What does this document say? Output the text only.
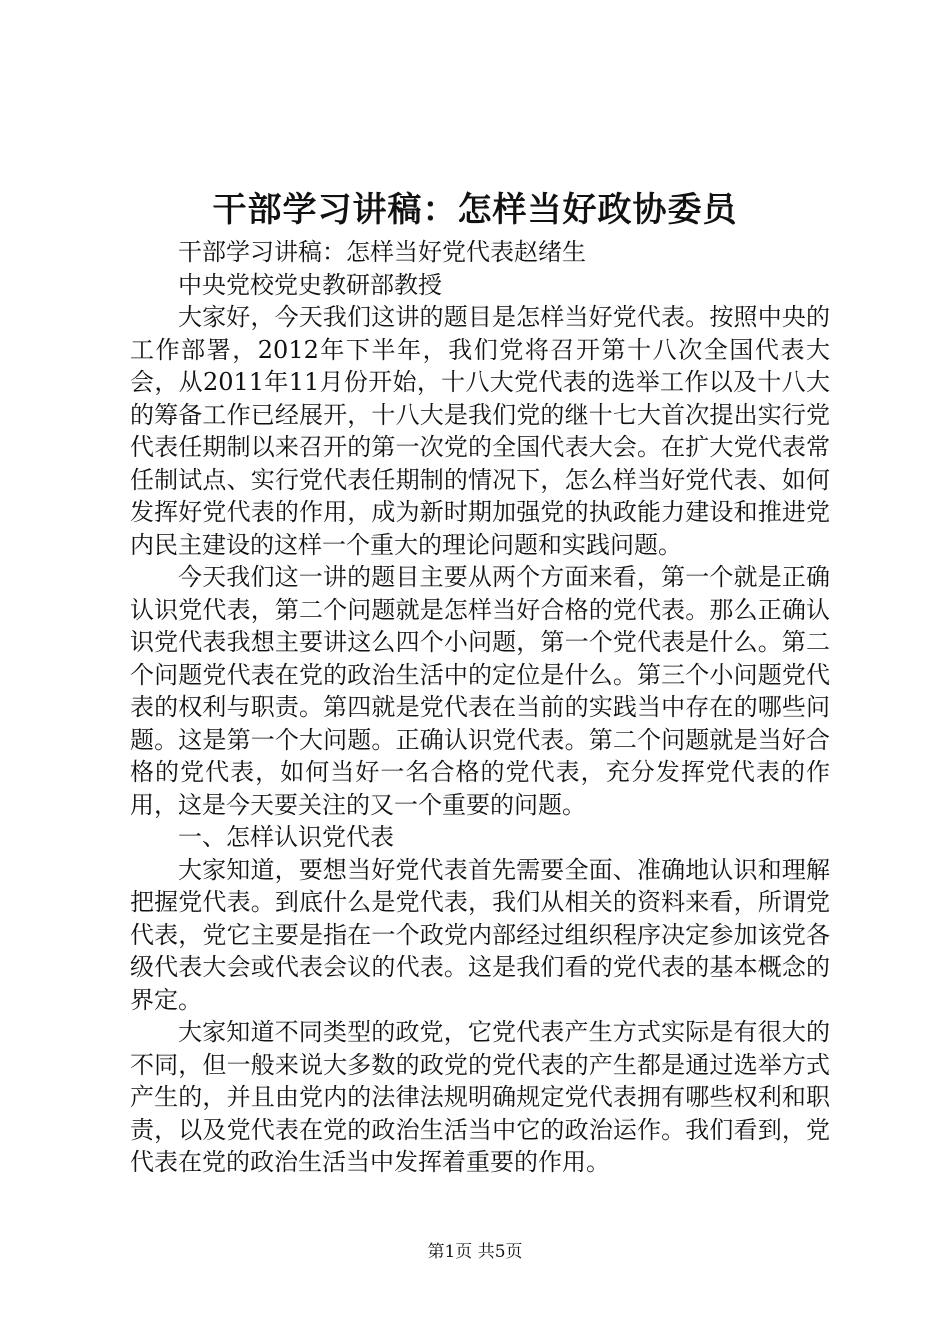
干部学习讲稿：怎样当好政协委员

干部学习讲稿：怎样当好党代表赵绪生

中央党校党史教研部教授

大家好，今天我们这讲的题目是怎样当好党代表。按照中央的工作部署，2012年下半年，我们党将召开第十八次全国代表大会，从2011年11月份开始，十八大党代表的选举工作以及十八大的筹备工作已经展开，十八大是我们党的继十七大首次提出实行党代表任期制以来召开的第一次党的全国代表大会。在扩大党代表常任制试点、实行党代表任期制的情况下，怎么样当好党代表、如何发挥好党代表的作用，成为新时期加强党的执政能力建设和推进党内民主建设的这样一个重大的理论问题和实践问题。

今天我们这一讲的题目主要从两个方面来看，第一个就是正确认识党代表，第二个问题就是怎样当好合格的党代表。那么正确认识党代表我想主要讲这么四个小问题，第一个党代表是什么。第二个问题党代表在党的政治生活中的定位是什么。第三个小问题党代表的权利与职责。第四就是党代表在当前的实践当中存在的哪些问题。这是第一个大问题。正确认识党代表。第二个问题就是当好合格的党代表，如何当好一名合格的党代表，充分发挥党代表的作用，这是今天要关注的又一个重要的问题。

一、怎样认识党代表

大家知道，要想当好党代表首先需要全面、准确地认识和理解把握党代表。到底什么是党代表，我们从相关的资料来看，所谓党代表，党它主要是指在一个政党内部经过组织程序决定参加该党各级代表大会或代表会议的代表。这是我们看的党代表的基本概念的界定。

大家知道不同类型的政党，它党代表产生方式实际是有很大的不同，但一般来说大多数的政党的党代表的产生都是通过选举方式产生的，并且由党内的法律法规明确规定党代表拥有哪些权利和职责，以及党代表在党的政治生活当中它的政治运作。我们看到，党代表在党的政治生活当中发挥着重要的作用。

第1页 共5页
